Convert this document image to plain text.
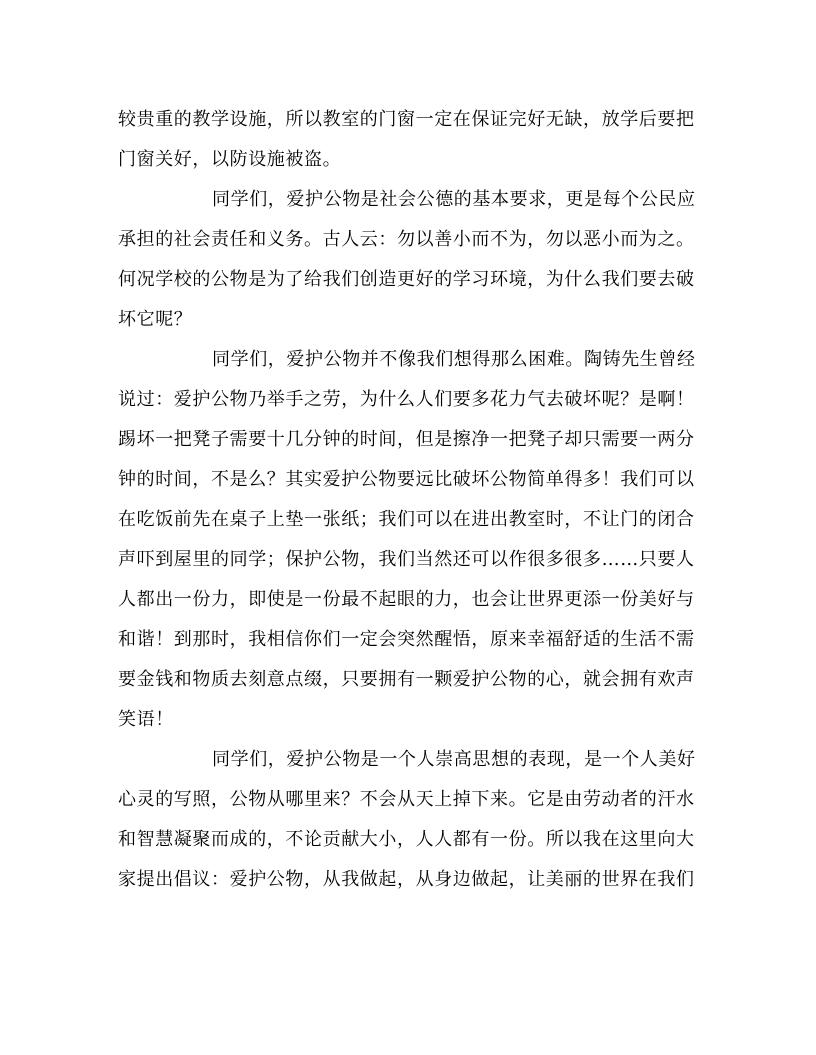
较贵重的教学设施，所以教室的门窗一定在保证完好无缺，放学后要把
门窗关好，以防设施被盗。
同学们，爱护公物是社会公德的基本要求，更是每个公民应
承担的社会责任和义务。古人云：勿以善小而不为，勿以恶小而为之。
何况学校的公物是为了给我们创造更好的学习环境，为什么我们要去破
坏它呢？
同学们，爱护公物并不像我们想得那么困难。陶铸先生曾经
说过：爱护公物乃举手之劳，为什么人们要多花力气去破坏呢？是啊！
踢坏一把凳子需要十几分钟的时间，但是擦净一把凳子却只需要一两分
钟的时间，不是么？其实爱护公物要远比破坏公物简单得多！我们可以
在吃饭前先在桌子上垫一张纸；我们可以在进出教室时，不让门的闭合
声吓到屋里的同学；保护公物，我们当然还可以作很多很多……只要人
人都出一份力，即使是一份最不起眼的力，也会让世界更添一份美好与
和谐！到那时，我相信你们一定会突然醒悟，原来幸福舒适的生活不需
要金钱和物质去刻意点缀，只要拥有一颗爱护公物的心，就会拥有欢声
笑语！
同学们，爱护公物是一个人崇高思想的表现，是一个人美好
心灵的写照，公物从哪里来？不会从天上掉下来。它是由劳动者的汗水
和智慧凝聚而成的，不论贡献大小，人人都有一份。所以我在这里向大
家提出倡议：爱护公物，从我做起，从身边做起，让美丽的世界在我们
